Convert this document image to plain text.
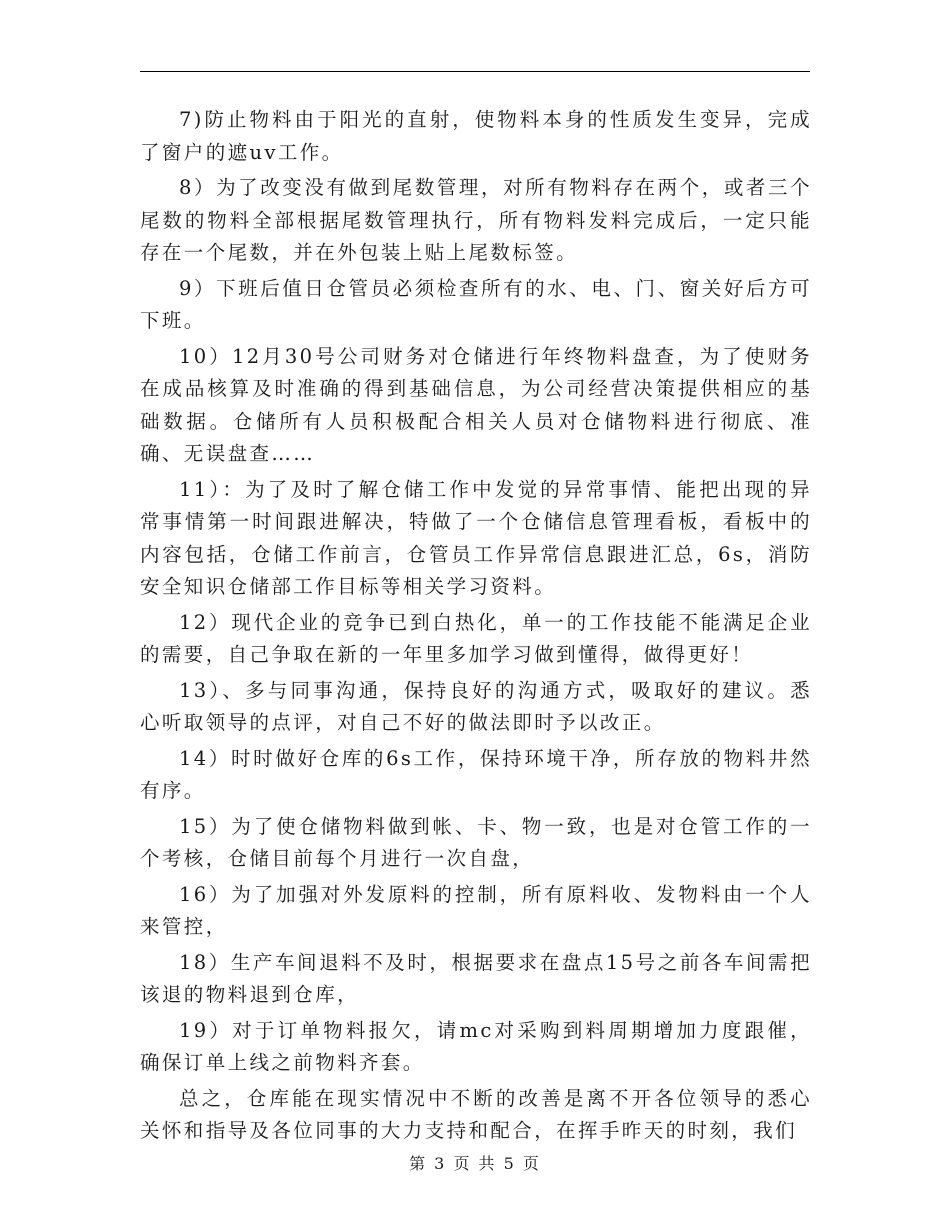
7)防止物料由于阳光的直射，使物料本身的性质发生变异，完成了窗户的遮uv工作。

8）为了改变没有做到尾数管理，对所有物料存在两个，或者三个尾数的物料全部根据尾数管理执行，所有物料发料完成后，一定只能存在一个尾数，并在外包装上贴上尾数标签。

9）下班后值日仓管员必须检查所有的水、电、门、窗关好后方可下班。

10）12月30号公司财务对仓储进行年终物料盘查，为了使财务在成品核算及时准确的得到基础信息，为公司经营决策提供相应的基础数据。仓储所有人员积极配合相关人员对仓储物料进行彻底、准确、无误盘查……

11）：为了及时了解仓储工作中发觉的异常事情、能把出现的异常事情第一时间跟进解决，特做了一个仓储信息管理看板，看板中的内容包括，仓储工作前言，仓管员工作异常信息跟进汇总，6s，消防安全知识仓储部工作目标等相关学习资料。

12）现代企业的竞争已到白热化，单一的工作技能不能满足企业的需要，自己争取在新的一年里多加学习做到懂得，做得更好！

13）、多与同事沟通，保持良好的沟通方式，吸取好的建议。悉心听取领导的点评，对自己不好的做法即时予以改正。

14）时时做好仓库的6s工作，保持环境干净，所存放的物料井然有序。

15）为了使仓储物料做到帐、卡、物一致，也是对仓管工作的一个考核，仓储目前每个月进行一次自盘，

16）为了加强对外发原料的控制，所有原料收、发物料由一个人来管控，

18）生产车间退料不及时，根据要求在盘点15号之前各车间需把该退的物料退到仓库，

19）对于订单物料报欠，请mc对采购到料周期增加力度跟催，确保订单上线之前物料齐套。

总之，仓库能在现实情况中不断的改善是离不开各位领导的悉心关怀和指导及各位同事的大力支持和配合，在挥手昨天的时刻，我们

第 3 页 共 5 页
